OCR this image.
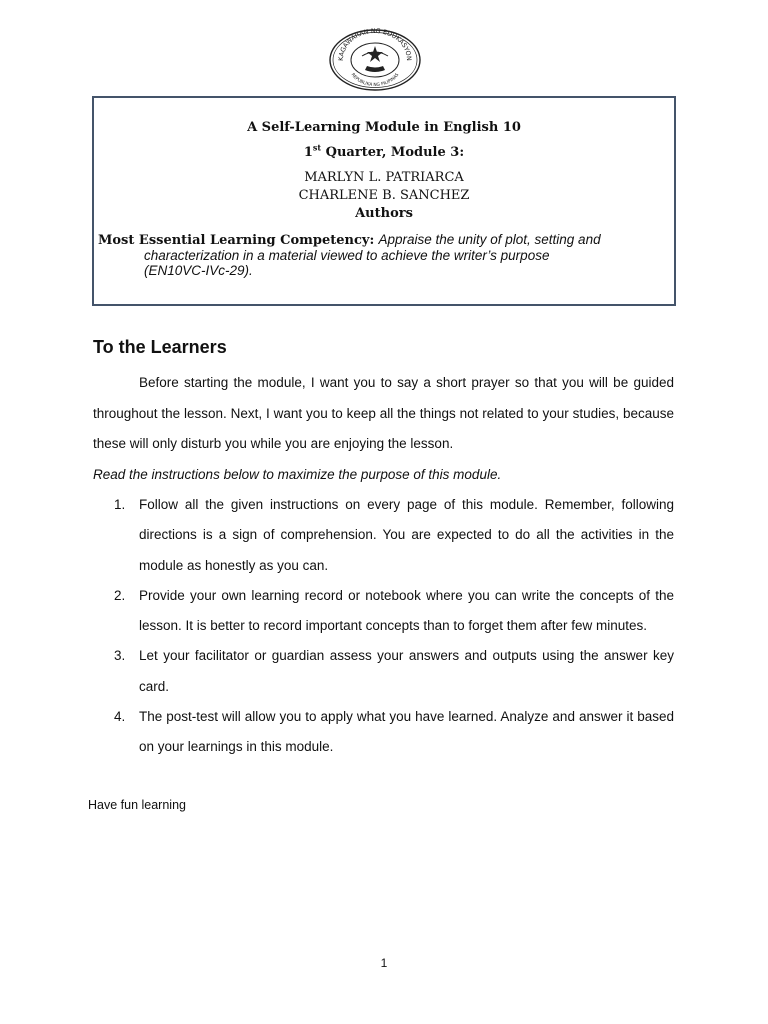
KAGAWARAN NG EDUKASYON
REPUBLIKA NG PILIPINAS
A Self-Learning Module in English 10
1st Quarter, Module 3:
MARLYN L. PATRIARCA
CHARLENE B. SANCHEZ
Authors
Most Essential Learning Competency: Appraise the unity of plot, setting and
characterization in a material viewed to achieve the writer’s purpose
(EN10VC-IVc-29).
To the Learners

Before starting the module, I want you to say a short prayer so that you will be guided throughout the lesson. Next, I want you to keep all the things not related to your studies, because these will only disturb you while you are enjoying the lesson.

Read the instructions below to maximize the purpose of this module.

1. Follow all the given instructions on every page of this module. Remember, following directions is a sign of comprehension. You are expected to do all the activities in the module as honestly as you can.
2. Provide your own learning record or notebook where you can write the concepts of the lesson. It is better to record important concepts than to forget them after few minutes.
3. Let your facilitator or guardian assess your answers and outputs using the answer key card.
4. The post-test will allow you to apply what you have learned. Analyze and answer it based on your learnings in this module.

Have fun learning

1
